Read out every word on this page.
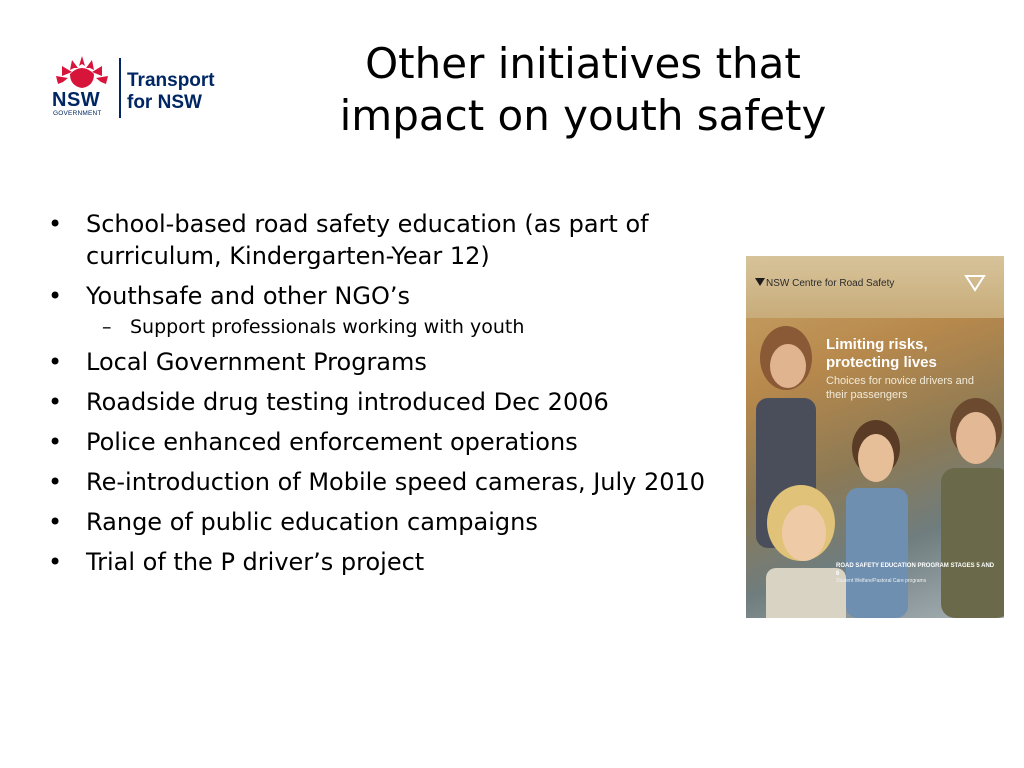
NSW
GOVERNMENT
Transport
for NSW
Other initiatives that
impact on youth safety
• School-based road safety education (as part of curriculum, Kindergarten-Year 12)
• Youthsafe and other NGO’s
– Support professionals working with youth
• Local Government Programs
• Roadside drug testing introduced Dec 2006
• Police enhanced enforcement operations
• Re-introduction of Mobile speed cameras, July 2010
• Range of public education campaigns
• Trial of the P driver’s project
NSW Centre for Road Safety
Limiting risks, protecting lives
Choices for novice drivers and their passengers
ROAD SAFETY EDUCATION PROGRAM STAGES 5 AND 6
Student Welfare/Pastoral Care programs
